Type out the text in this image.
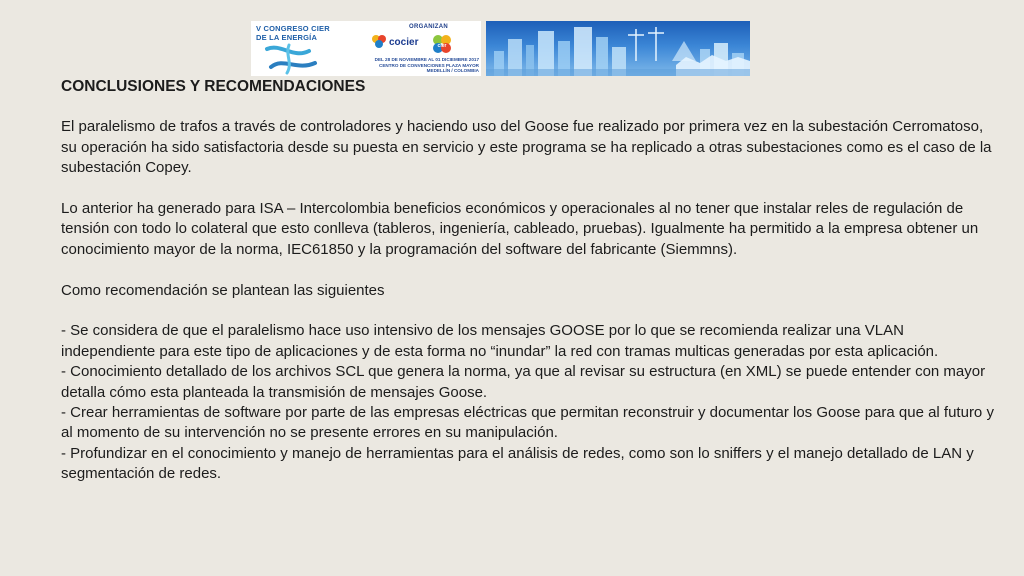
V CONGRESO CIER
DE LA ENERGÍA
ORGANIZAN
cocier	cier
DEL 28 DE NOVIEMBRE AL 01 DICIEMBRE 2017
CENTRO DE CONVENCIONES PLAZA MAYOR
MEDELLÍN / COLOMBIA

CONCLUSIONES Y RECOMENDACIONES

El paralelismo de trafos a través de controladores y haciendo uso del Goose fue realizado por primera vez en la subestación Cerromatoso, su operación ha sido satisfactoria desde su puesta en servicio y este programa se ha replicado a otras subestaciones como es el caso de la subestación Copey.

Lo anterior ha generado para ISA – Intercolombia beneficios económicos y operacionales al no tener que instalar reles de regulación de tensión con todo lo colateral que esto conlleva (tableros, ingeniería, cableado, pruebas). Igualmente ha permitido a la empresa obtener un conocimiento mayor de la norma, IEC61850 y la programación del software del fabricante (Siemmns).

Como recomendación se plantean las siguientes

- Se considera de que el paralelismo hace uso intensivo de los mensajes GOOSE por lo que se recomienda realizar una VLAN independiente para este tipo de aplicaciones y de esta forma no “inundar” la red con tramas multicas generadas por esta aplicación.

- Conocimiento detallado de los archivos SCL que genera la norma, ya que al revisar su estructura (en XML) se puede entender con mayor detalla cómo esta planteada la transmisión de mensajes Goose.

- Crear herramientas de software por parte de las empresas eléctricas que permitan reconstruir y documentar los Goose para que al futuro y al momento de su intervención no se presente errores en su manipulación.

- Profundizar en el conocimiento y manejo de herramientas para el análisis de redes, como son lo sniffers y el manejo detallado de LAN y segmentación de redes.
